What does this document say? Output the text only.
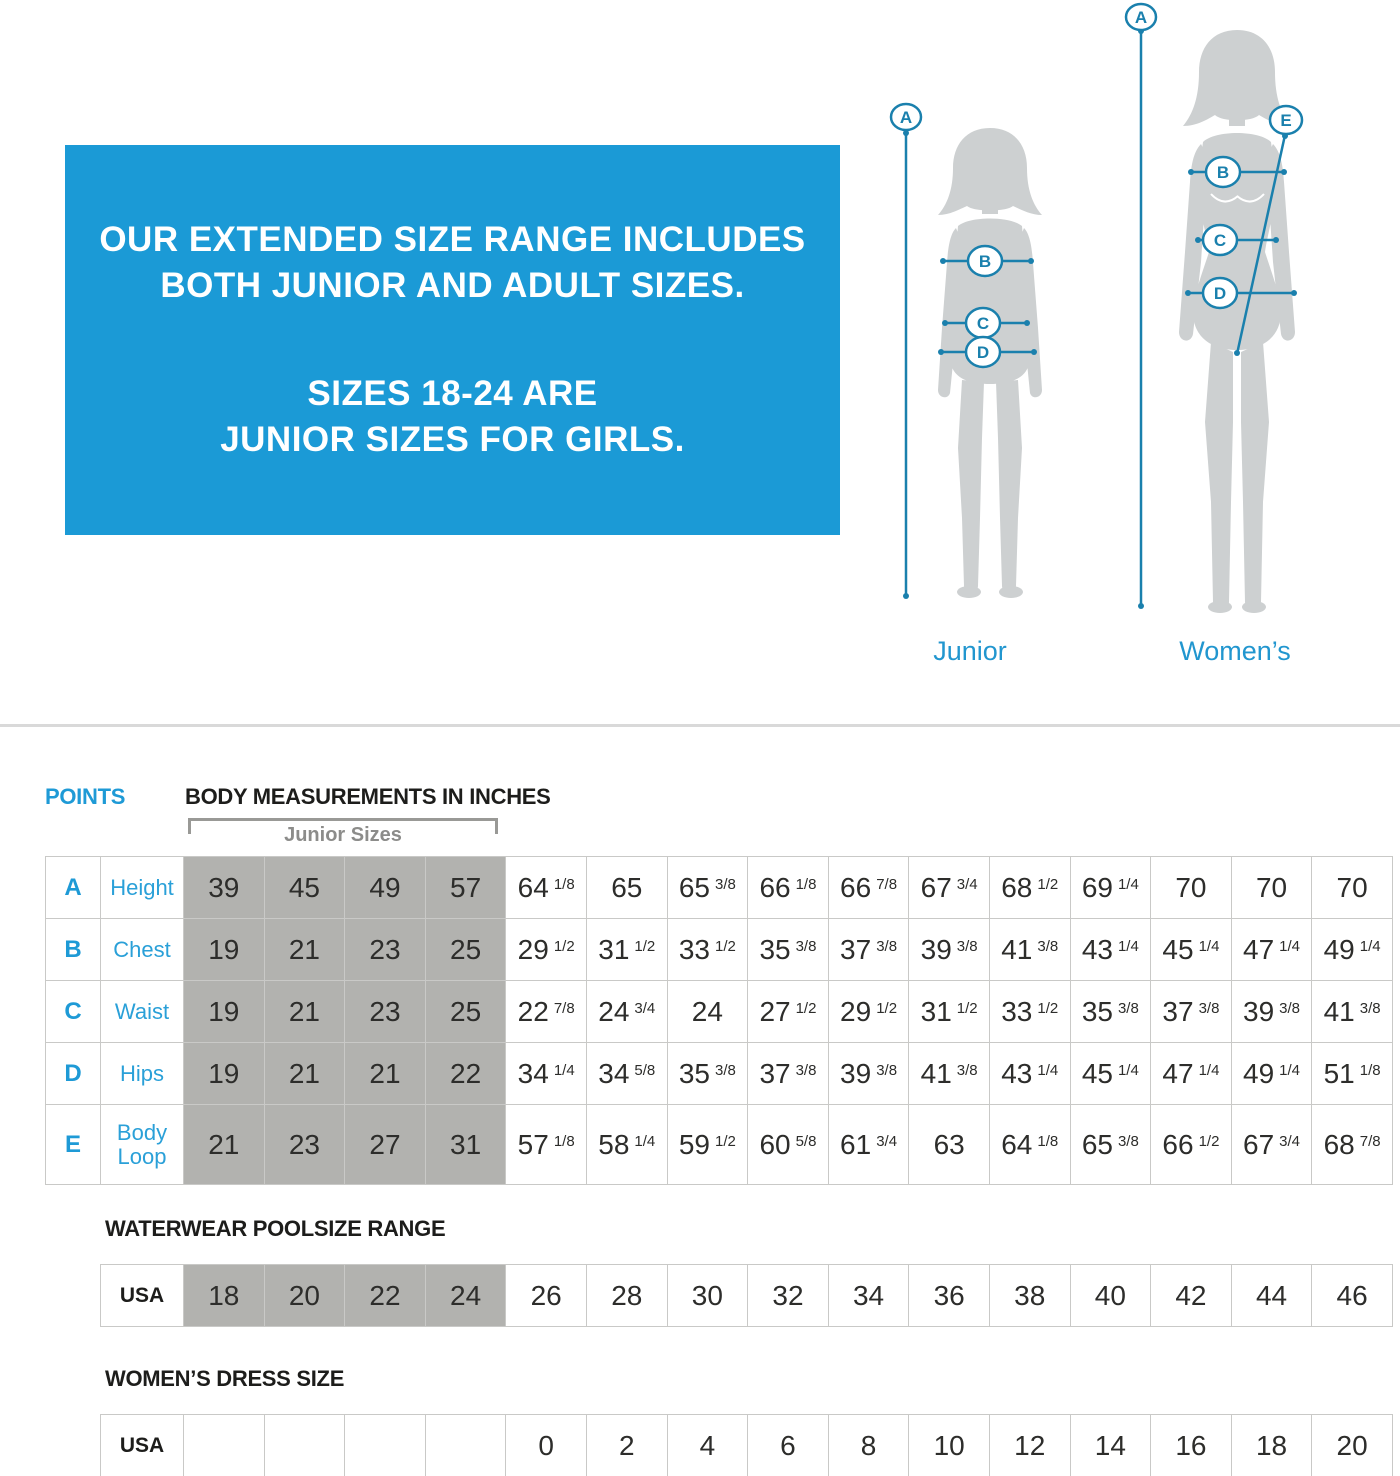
OUR EXTENDED SIZE RANGE INCLUDES
BOTH JUNIOR AND ADULT SIZES.
SIZES 18-24 ARE
JUNIOR SIZES FOR GIRLS.
A
B
C
D
Junior
A
E
B
C
D
Women’s
POINTS	BODY MEASUREMENTS IN INCHES
Junior Sizes
A	Height	39	45	49	57	64 1/8	65	65 3/8	66 1/8	66 7/8	67 3/4	68 1/2	69 1/4	70	70	70
B	Chest	19	21	23	25	29 1/2	31 1/2	33 1/2	35 3/8	37 3/8	39 3/8	41 3/8	43 1/4	45 1/4	47 1/4	49 1/4
C	Waist	19	21	23	25	22 7/8	24 3/4	24	27 1/2	29 1/2	31 1/2	33 1/2	35 3/8	37 3/8	39 3/8	41 3/8
D	Hips	19	21	21	22	34 1/4	34 5/8	35 3/8	37 3/8	39 3/8	41 3/8	43 1/4	45 1/4	47 1/4	49 1/4	51 1/8
E	Body Loop	21	23	27	31	57 1/8	58 1/4	59 1/2	60 5/8	61 3/4	63	64 1/8	65 3/8	66 1/2	67 3/4	68 7/8
WATERWEAR POOLSIZE RANGE
USA	18	20	22	24	26	28	30	32	34	36	38	40	42	44	46
WOMEN’S DRESS SIZE
USA					0	2	4	6	8	10	12	14	16	18	20
